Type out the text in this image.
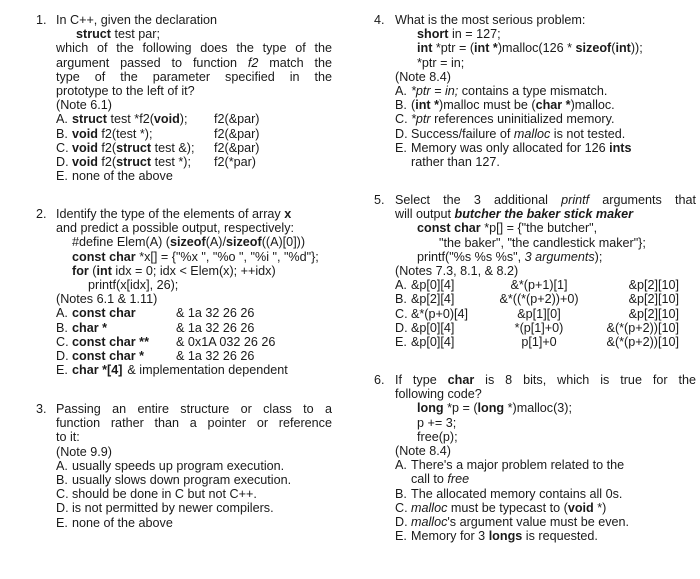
1. In C++, given the declaration
struct test par;
which of the following does the type of the
argument passed to function f2 match the
type of the parameter specified in the
prototype to the left of it?
(Note 6.1)
A. struct test *f2(void);	f2(&par)
B. void f2(test *);	f2(&par)
C. void f2(struct test &);	f2(&par)
D. void f2(struct test *);	f2(*par)
E. none of the above
2. Identify the type of the elements of array x
and predict a possible output, respectively:
#define Elem(A) (sizeof(A)/sizeof((A)[0]))
const char *x[] = {"%x ", "%o ", "%i ", "%d"};
for (int idx = 0; idx < Elem(x); ++idx)
printf(x[idx], 26);
(Notes 6.1 & 1.11)
A. const char	& 1a 32 26 26
B. char *	& 1a 32 26 26
C. const char **	& 0x1A 032 26 26
D. const char *	& 1a 32 26 26
E. char *[4] & implementation dependent
3. Passing an entire structure or class to a
function rather than a pointer or reference
to it:
(Note 9.9)
A. usually speeds up program execution.
B. usually slows down program execution.
C. should be done in C but not C++.
D. is not permitted by newer compilers.
E. none of the above
4. What is the most serious problem:
short in = 127;
int *ptr = (int *)malloc(126 * sizeof(int));
*ptr = in;
(Note 8.4)
A. *ptr = in; contains a type mismatch.
B. (int *)malloc must be (char *)malloc.
C. *ptr references uninitialized memory.
D. Success/failure of malloc is not tested.
E. Memory was only allocated for 126 ints
rather than 127.
5. Select the 3 additional printf arguments that
will output butcher the baker stick maker
const char *p[] = {"the butcher",
"the baker", "the candlestick maker"};
printf("%s %s %s", 3 arguments);
(Notes 7.3, 8.1, & 8.2)
A. &p[0][4]	&*(p+1)[1]	&p[2][10]
B. &p[2][4]	&*((*(p+2))+0)	&p[2][10]
C. &*(p+0)[4]	&p[1][0]	&p[2][10]
D. &p[0][4]	*(p[1]+0)	&(*(p+2))[10]
E. &p[0][4]	p[1]+0	&(*(p+2))[10]
6. If type char is 8 bits, which is true for the
following code?
long *p = (long *)malloc(3);
p += 3;
free(p);
(Note 8.4)
A. There's a major problem related to the
call to free
B. The allocated memory contains all 0s.
C. malloc must be typecast to (void *)
D. malloc's argument value must be even.
E. Memory for 3 longs is requested.
